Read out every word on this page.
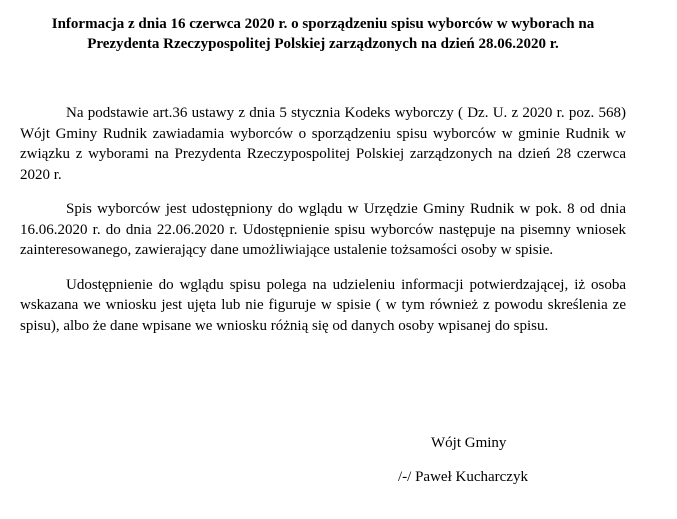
Informacja z dnia 16 czerwca 2020 r. o sporządzeniu spisu wyborców w wyborach na
Prezydenta Rzeczypospolitej Polskiej zarządzonych na dzień 28.06.2020 r.

Na podstawie art.36 ustawy z dnia 5 stycznia Kodeks wyborczy ( Dz. U. z 2020 r. poz. 568) Wójt Gminy Rudnik zawiadamia wyborców o sporządzeniu spisu wyborców w gminie Rudnik w związku z wyborami na Prezydenta Rzeczypospolitej Polskiej zarządzonych na dzień 28 czerwca 2020 r.

Spis wyborców jest udostępniony do wglądu w Urzędzie Gminy Rudnik w pok. 8 od dnia 16.06.2020 r. do dnia 22.06.2020 r. Udostępnienie spisu wyborców następuje na pisemny wniosek zainteresowanego, zawierający dane umożliwiające ustalenie tożsamości osoby w spisie.

Udostępnienie do wglądu spisu polega na udzieleniu informacji potwierdzającej, iż osoba wskazana we wniosku jest ujęta lub nie figuruje w spisie ( w tym również z powodu skreślenia ze spisu), albo że dane wpisane we wniosku różnią się od danych osoby wpisanej do spisu.

Wójt Gminy
/-/ Paweł Kucharczyk
